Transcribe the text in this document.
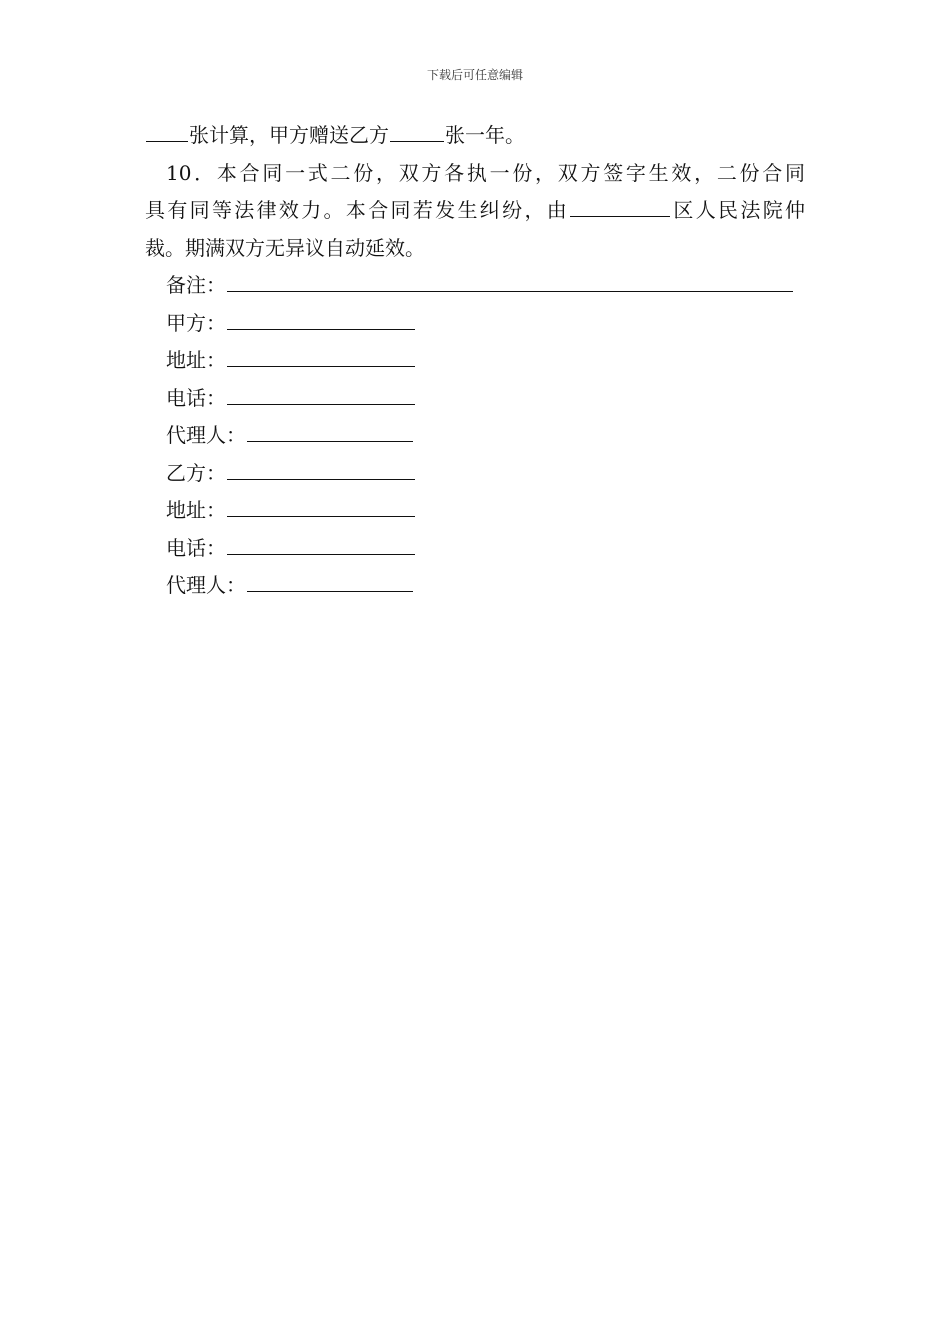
下载后可任意编辑
张计算，甲方赠送乙方	张一年。
10．本合同一式二份，双方各执一份，双方签字生效，二份合同
具有同等法律效力。本合同若发生纠纷，由	区人民法院仲
裁。期满双方无异议自动延效。
备注：
甲方：
地址：
电话：
代理人：
乙方：
地址：
电话：
代理人：
